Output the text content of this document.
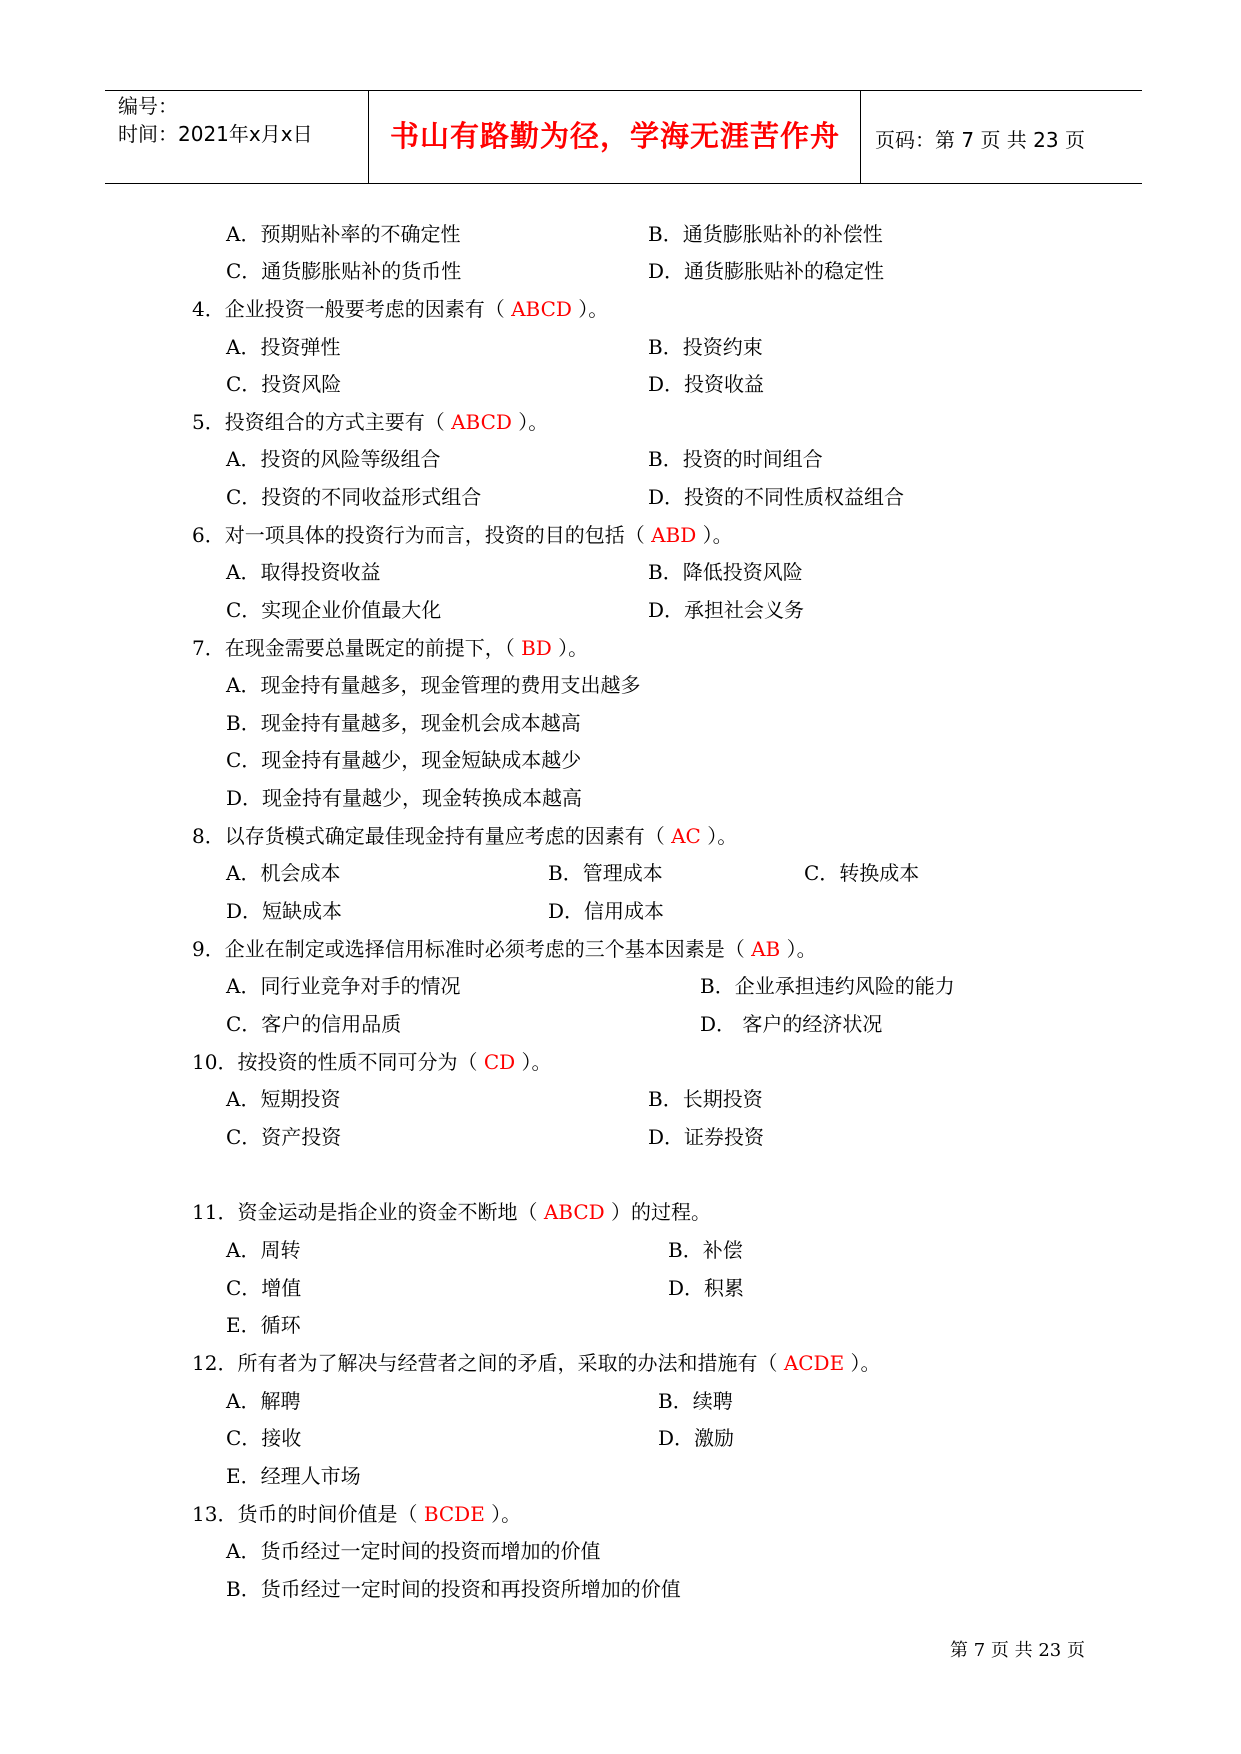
编号：
时间：2021年x月x日	书山有路勤为径，学海无涯苦作舟	页码：第 7 页 共 23 页
A．预期贴补率的不确定性	B．通货膨胀贴补的补偿性
C．通货膨胀贴补的货币性	D．通货膨胀贴补的稳定性
4．企业投资一般要考虑的因素有（ ABCD ）。
A．投资弹性	B．投资约束
C．投资风险	D．投资收益
5．投资组合的方式主要有（ ABCD ）。
A．投资的风险等级组合	B．投资的时间组合
C．投资的不同收益形式组合	D．投资的不同性质权益组合
6．对一项具体的投资行为而言，投资的目的包括（ ABD ）。
A．取得投资收益	B．降低投资风险
C．实现企业价值最大化	D．承担社会义务
7．在现金需要总量既定的前提下，（ BD ）。
A．现金持有量越多，现金管理的费用支出越多
B．现金持有量越多，现金机会成本越高
C．现金持有量越少，现金短缺成本越少
D．现金持有量越少，现金转换成本越高
8．以存货模式确定最佳现金持有量应考虑的因素有（ AC ）。
A．机会成本	B．管理成本	C．转换成本
D．短缺成本	D．信用成本
9．企业在制定或选择信用标准时必须考虑的三个基本因素是（ AB ）。
A．同行业竞争对手的情况	B．企业承担违约风险的能力
C．客户的信用品质	D． 客户的经济状况
10．按投资的性质不同可分为（ CD ）。
A．短期投资	B．长期投资
C．资产投资	D．证券投资
11．资金运动是指企业的资金不断地（ ABCD ）的过程。
A．周转	B．补偿
C．增值	D．积累
E．循环
12．所有者为了解决与经营者之间的矛盾，采取的办法和措施有（ ACDE ）。
A．解聘	B．续聘
C．接收	D．激励
E．经理人市场
13．货币的时间价值是（ BCDE ）。
A．货币经过一定时间的投资而增加的价值
B．货币经过一定时间的投资和再投资所增加的价值
第 7 页 共 23 页
